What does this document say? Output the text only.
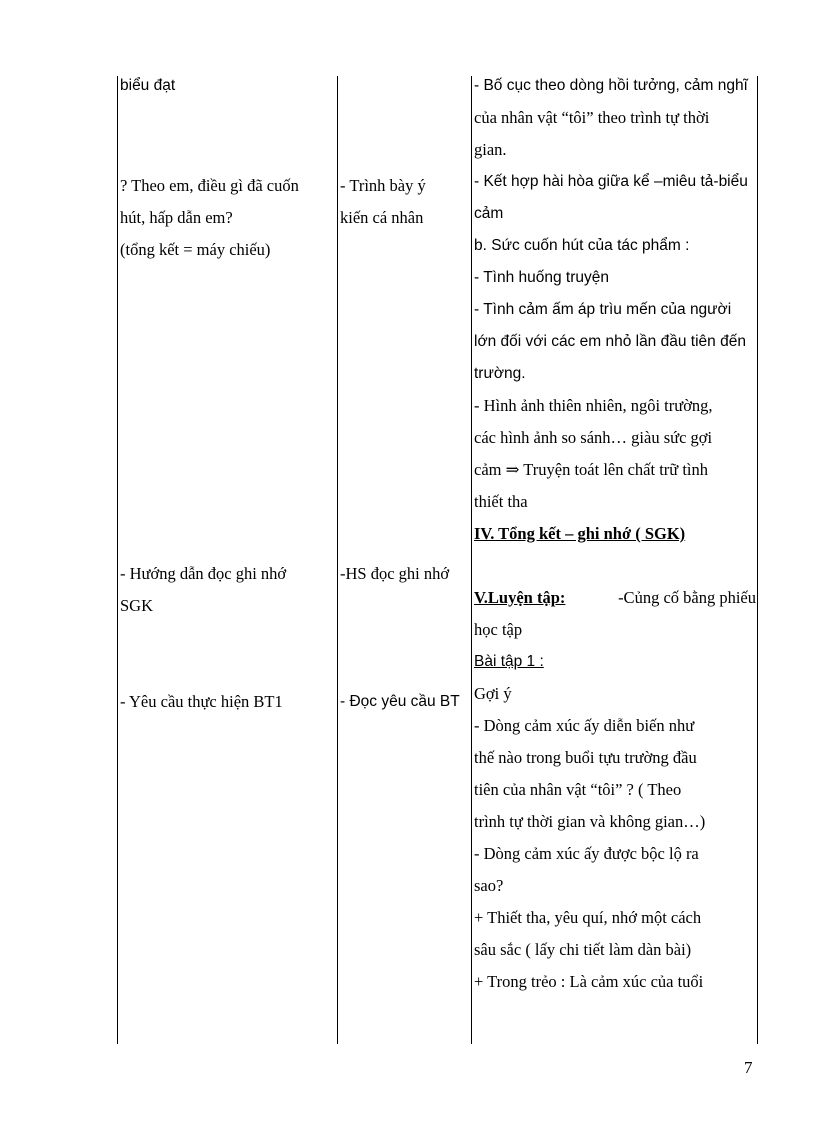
biểu đạt
? Theo em, điều gì đã cuốn
hút, hấp dẫn em?
(tổng kết = máy chiếu)
- Hướng dẫn đọc ghi nhớ
SGK
- Yêu cầu thực hiện BT1
- Trình bày ý
kiến cá nhân
-HS đọc ghi nhớ
- Đọc yêu cầu BT
- Bố cục theo dòng hồi tưởng, cảm nghĩ
của nhân vật “tôi” theo trình tự thời
gian.
- Kết hợp hài hòa giữa kể –miêu tả-biểu
cảm
b. Sức cuốn hút của tác phẩm :
- Tình huống truyện
- Tình cảm ấm áp trìu mến của người
lớn đối với các em nhỏ lần đầu tiên đến
trường.
- Hình ảnh thiên nhiên, ngôi trường,
các hình ảnh so sánh… giàu sức gợi
cảm ⇒ Truyện toát lên chất trữ tình
thiết tha
IV. Tổng kết – ghi nhớ ( SGK)

V.Luyện tập:	-Củng cố bằng phiếu
học tập
Bài tập 1 :
Gợi ý
- Dòng cảm xúc ấy diễn biến như
thế nào trong buổi tựu trường đầu
tiên của nhân vật “tôi” ? ( Theo
trình tự thời gian và không gian…)
- Dòng cảm xúc ấy được bộc lộ ra
sao?
+ Thiết tha, yêu quí, nhớ một cách
sâu sắc ( lấy chi tiết làm dàn bài)
+ Trong trẻo : Là cảm xúc của tuổi
7
